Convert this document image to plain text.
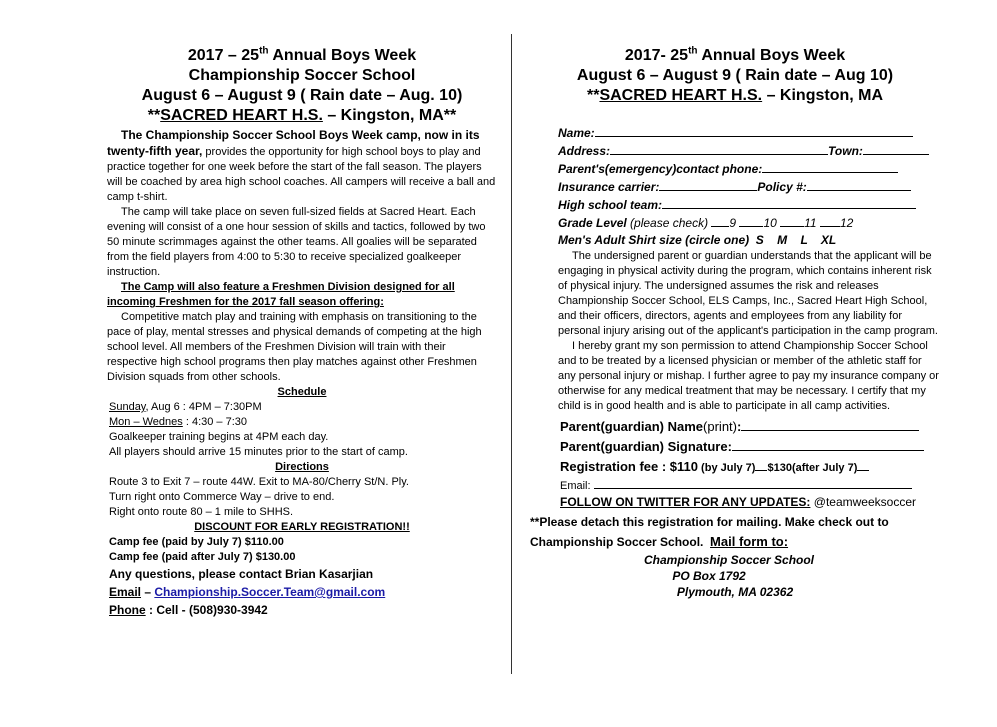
2017 – 25th Annual Boys Week

Championship Soccer School

August 6 – August 9 ( Rain date – Aug. 10)

**SACRED HEART H.S. – Kingston, MA**

The Championship Soccer School Boys Week camp, now in its twenty-fifth year, provides the opportunity for high school boys to play and practice together for one week before the start of the fall season. The players will be coached by area high school coaches. All campers will receive a ball and camp t-shirt.

The camp will take place on seven full-sized fields at Sacred Heart. Each evening will consist of a one hour session of skills and tactics, followed by two 50 minute scrimmages against the other teams. All goalies will be separated from the field players from 4:00 to 5:30 to receive specialized goalkeeper instruction.

The Camp will also feature a Freshmen Division designed for all incoming Freshmen for the 2017 fall season offering:

Competitive match play and training with emphasis on transitioning to the pace of play, mental stresses and physical demands of competing at the high school level. All members of the Freshmen Division will train with their respective high school programs then play matches against other Freshmen Division squads from other schools.

Schedule

Sunday, Aug 6 : 4PM – 7:30PM
Mon – Wednes : 4:30 – 7:30
Goalkeeper training begins at 4PM each day.
All players should arrive 15 minutes prior to the start of camp.

Directions

Route 3 to Exit 7 – route 44W. Exit to MA-80/Cherry St/N. Ply.
Turn right onto Commerce Way – drive to end.
Right onto route 80 – 1 mile to SHHS.

DISCOUNT FOR EARLY REGISTRATION!!

Camp fee (paid by July 7) $110.00
Camp fee (paid after July 7) $130.00
Any questions, please contact Brian Kasarjian
Email – Championship.Soccer.Team@gmail.com
Phone : Cell - (508)930-3942

2017- 25th Annual Boys Week

August 6 – August 9 ( Rain date – Aug 10)

**SACRED HEART H.S. – Kingston, MA

Name:
Address:	Town:
Parent's(emergency)contact phone:
Insurance carrier:	Policy #:
High school team:
Grade Level (please check) 9 10 11 12
Men's Adult Shirt size (circle one) S    M    L    XL

The undersigned parent or guardian understands that the applicant will be engaging in physical activity during the program, which contains inherent risk of physical injury. The undersigned assumes the risk and releases Championship Soccer School, ELS Camps, Inc., Sacred Heart High School, and their officers, directors, agents and employees from any liability for personal injury arising out of the applicant's participation in the camp program.

I hereby grant my son permission to attend Championship Soccer School and to be treated by a licensed physician or member of the athletic staff for any personal injury or mishap. I further agree to pay my insurance company or otherwise for any medical treatment that may be necessary. I certify that my child is in good health and is able to participate in all camp activities.

Parent(guardian) Name(print):
Parent(guardian) Signature:
Registration fee : $110 (by July 7) $130(after July 7)
Email:
FOLLOW ON TWITTER FOR ANY UPDATES: @teamweeksoccer
**Please detach this registration for mailing. Make check out to Championship Soccer School. Mail form to:
Championship Soccer School
PO Box 1792
Plymouth, MA 02362
